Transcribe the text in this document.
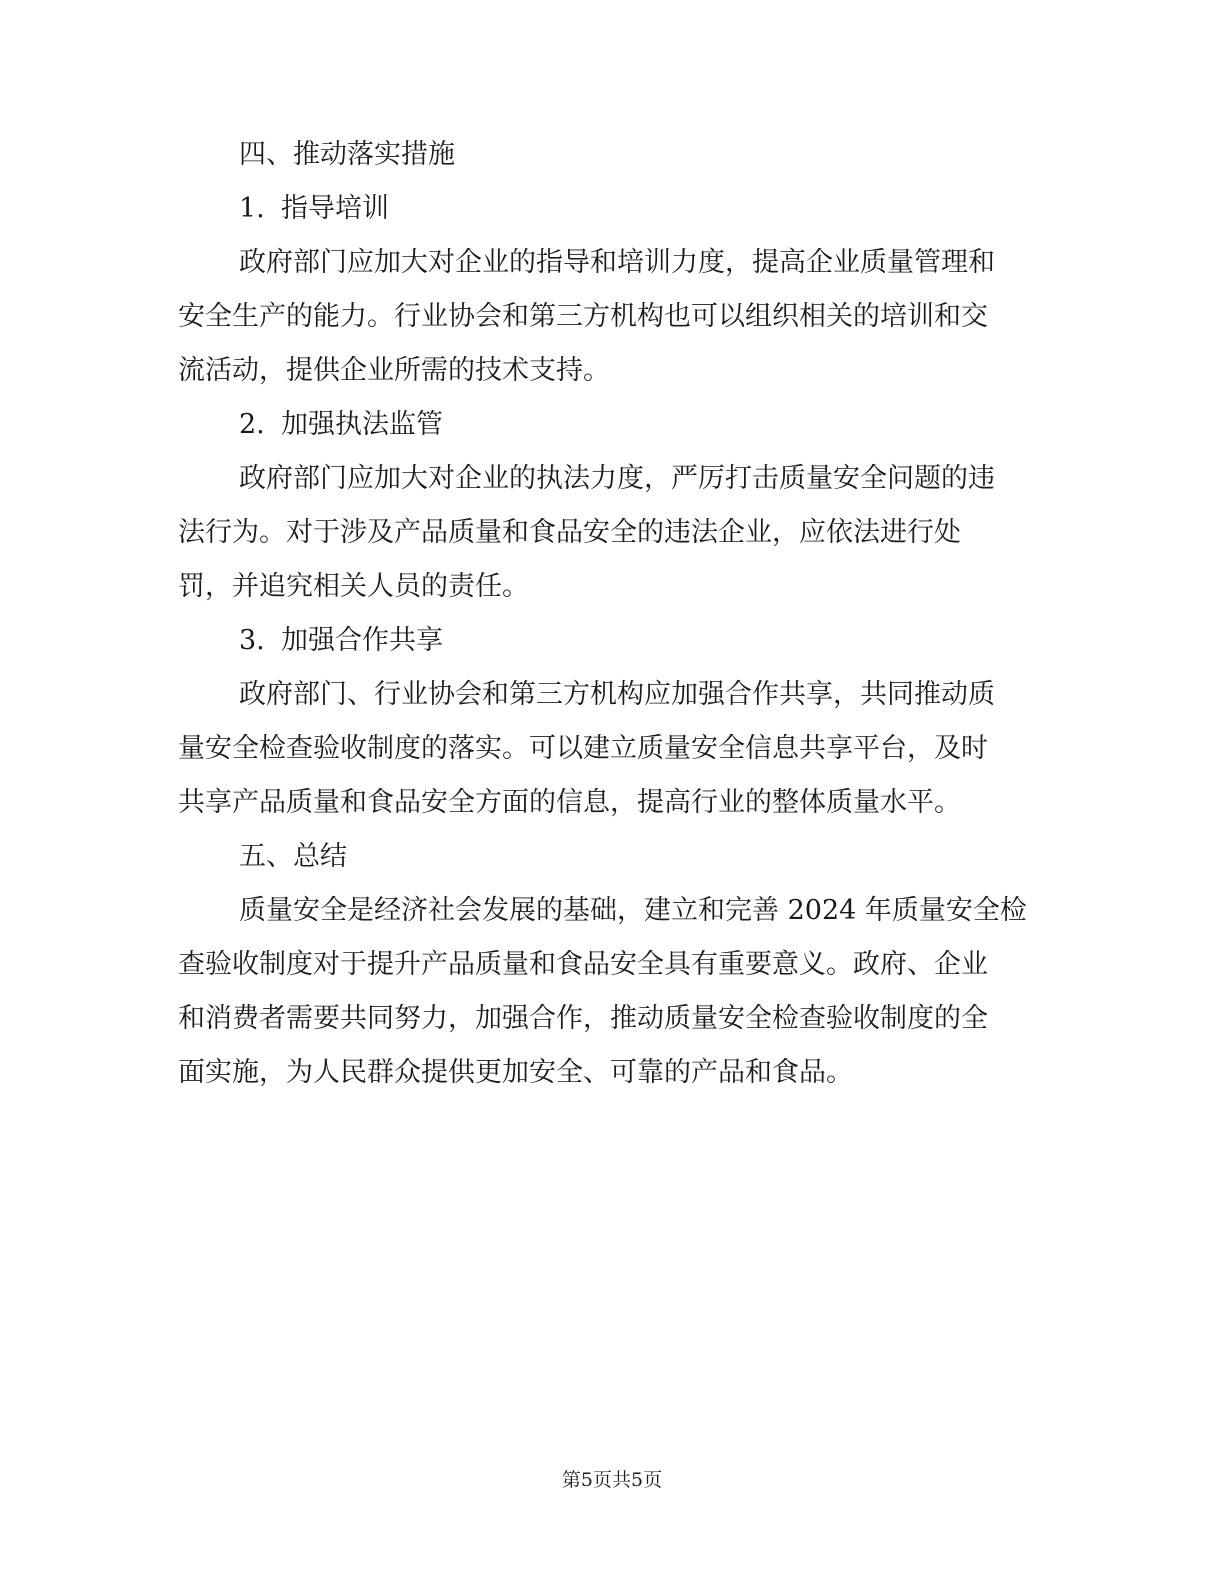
四、推动落实措施

1. 指导培训

政府部门应加大对企业的指导和培训力度，提高企业质量管理和

安全生产的能力。行业协会和第三方机构也可以组织相关的培训和交

流活动，提供企业所需的技术支持。

2. 加强执法监管

政府部门应加大对企业的执法力度，严厉打击质量安全问题的违

法行为。对于涉及产品质量和食品安全的违法企业，应依法进行处

罚，并追究相关人员的责任。

3. 加强合作共享

政府部门、行业协会和第三方机构应加强合作共享，共同推动质

量安全检查验收制度的落实。可以建立质量安全信息共享平台，及时

共享产品质量和食品安全方面的信息，提高行业的整体质量水平。

五、总结

质量安全是经济社会发展的基础，建立和完善 2024 年质量安全检

查验收制度对于提升产品质量和食品安全具有重要意义。政府、企业

和消费者需要共同努力，加强合作，推动质量安全检查验收制度的全

面实施，为人民群众提供更加安全、可靠的产品和食品。

第5页共5页
